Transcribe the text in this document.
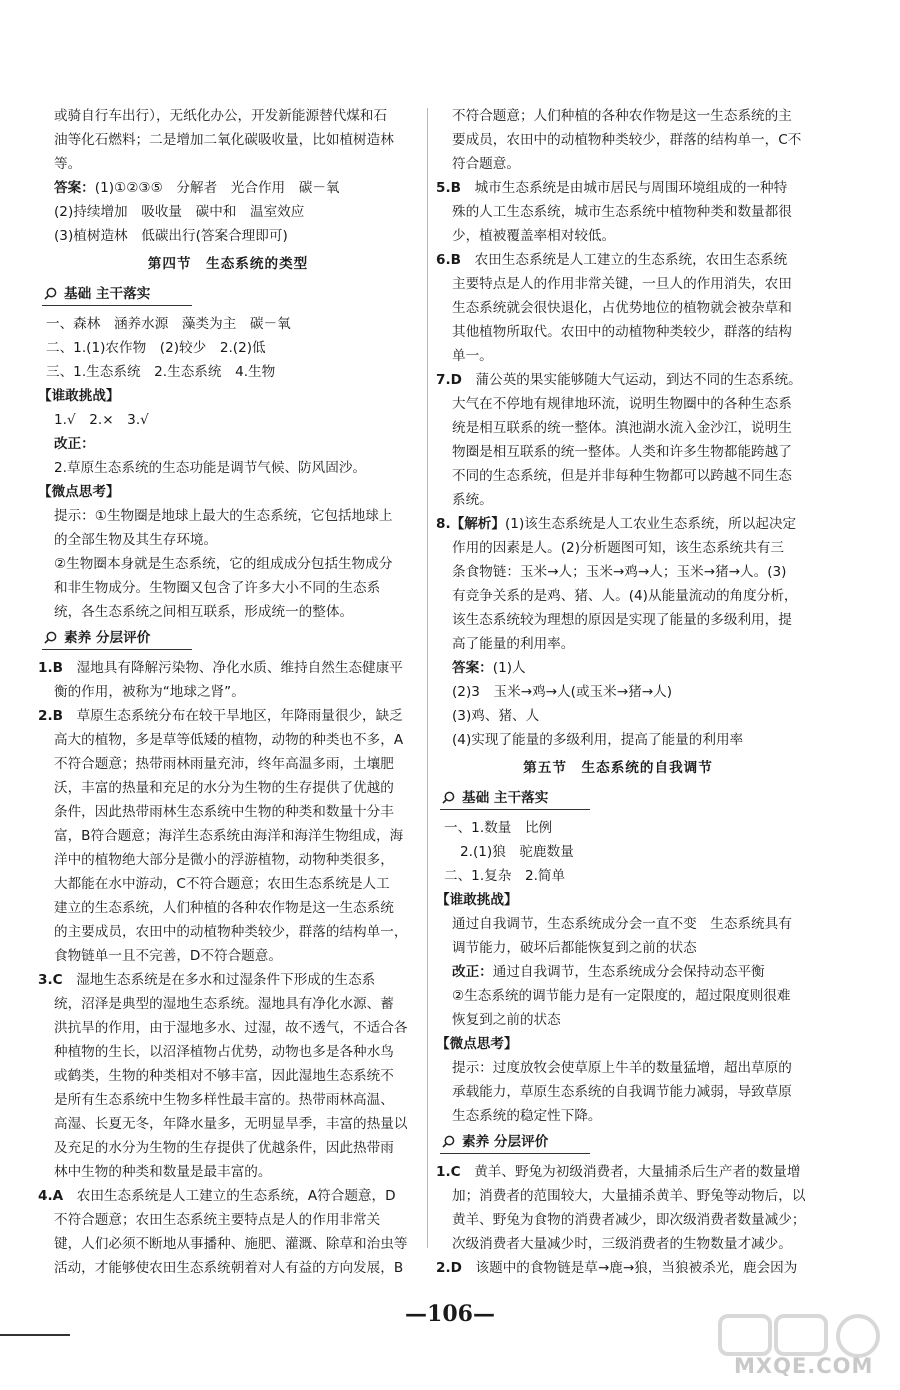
或骑自行车出行），无纸化办公，开发新能源替代煤和石
油等化石燃料；二是增加二氧化碳吸收量，比如植树造林
等。
答案：(1)①②③⑤　分解者　光合作用　碳－氧
(2)持续增加　吸收量　碳中和　温室效应
(3)植树造林　低碳出行(答案合理即可)
第四节　生态系统的类型
基础 主干落实
一、森林　涵养水源　藻类为主　碳－氧
二、1.(1)农作物　(2)较少　2.(2)低
三、1.生态系统　2.生态系统　4.生物
【谁敢挑战】
1.√　2.×　3.√
改正：
2.草原生态系统的生态功能是调节气候、防风固沙。
【微点思考】
提示：①生物圈是地球上最大的生态系统，它包括地球上
的全部生物及其生存环境。
②生物圈本身就是生态系统，它的组成成分包括生物成分
和非生物成分。生物圈又包含了许多大小不同的生态系
统，各生态系统之间相互联系，形成统一的整体。
素养 分层评价
1.B　 湿地具有降解污染物、净化水质、维持自然生态健康平
衡的作用，被称为“地球之肾”。
2.B　 草原生态系统分布在较干旱地区，年降雨量很少，缺乏
高大的植物，多是草等低矮的植物，动物的种类也不多，A
不符合题意；热带雨林雨量充沛，终年高温多雨，土壤肥
沃，丰富的热量和充足的水分为生物的生存提供了优越的
条件，因此热带雨林生态系统中生物的种类和数量十分丰
富，B符合题意；海洋生态系统由海洋和海洋生物组成，海
洋中的植物绝大部分是微小的浮游植物，动物种类很多，
大都能在水中游动，C不符合题意；农田生态系统是人工
建立的生态系统，人们种植的各种农作物是这一生态系统
的主要成员，农田中的动植物种类较少，群落的结构单一，
食物链单一且不完善，D不符合题意。
3.C　 湿地生态系统是在多水和过湿条件下形成的生态系
统，沼泽是典型的湿地生态系统。湿地具有净化水源、蓄
洪抗旱的作用，由于湿地多水、过湿，故不透气，不适合各
种植物的生长，以沼泽植物占优势，动物也多是各种水鸟
或鹤类，生物的种类相对不够丰富，因此湿地生态系统不
是所有生态系统中生物多样性最丰富的。热带雨林高温、
高湿、长夏无冬，年降水量多，无明显旱季，丰富的热量以
及充足的水分为生物的生存提供了优越条件，因此热带雨
林中生物的种类和数量是最丰富的。
4.A　 农田生态系统是人工建立的生态系统，A符合题意，D
不符合题意；农田生态系统主要特点是人的作用非常关
键，人们必须不断地从事播种、施肥、灌溉、除草和治虫等
活动，才能够使农田生态系统朝着对人有益的方向发展，B
不符合题意；人们种植的各种农作物是这一生态系统的主
要成员，农田中的动植物种类较少，群落的结构单一，C不
符合题意。
5.B　 城市生态系统是由城市居民与周围环境组成的一种特
殊的人工生态系统，城市生态系统中植物种类和数量都很
少，植被覆盖率相对较低。
6.B　 农田生态系统是人工建立的生态系统，农田生态系统
主要特点是人的作用非常关键，一旦人的作用消失，农田
生态系统就会很快退化，占优势地位的植物就会被杂草和
其他植物所取代。农田中的动植物种类较少，群落的结构
单一。
7.D　 蒲公英的果实能够随大气运动，到达不同的生态系统。
大气在不停地有规律地环流，说明生物圈中的各种生态系
统是相互联系的统一整体。滇池湖水流入金沙江，说明生
物圈是相互联系的统一整体。人类和许多生物都能跨越了
不同的生态系统，但是并非每种生物都可以跨越不同生态
系统。
8.【解析】(1)该生态系统是人工农业生态系统，所以起决定
作用的因素是人。(2)分析题图可知，该生态系统共有三
条食物链：玉米→人；玉米→鸡→人；玉米→猪→人。(3)
有竞争关系的是鸡、猪、人。(4)从能量流动的角度分析，
该生态系统较为理想的原因是实现了能量的多级利用，提
高了能量的利用率。
答案：(1)人
(2)3　玉米→鸡→人(或玉米→猪→人)
(3)鸡、猪、人
(4)实现了能量的多级利用，提高了能量的利用率
第五节　生态系统的自我调节
基础 主干落实
一、1.数量　比例
2.(1)狼　驼鹿数量
二、1.复杂　2.简单
【谁敢挑战】
通过自我调节，生态系统成分会一直不变　生态系统具有
调节能力，破坏后都能恢复到之前的状态
改正：通过自我调节，生态系统成分会保持动态平衡
②生态系统的调节能力是有一定限度的，超过限度则很难
恢复到之前的状态
【微点思考】
提示：过度放牧会使草原上牛羊的数量猛增，超出草原的
承载能力，草原生态系统的自我调节能力减弱，导致草原
生态系统的稳定性下降。
素养 分层评价
1.C　 黄羊、野兔为初级消费者，大量捕杀后生产者的数量增
加；消费者的范围较大，大量捕杀黄羊、野兔等动物后，以
黄羊、野兔为食物的消费者减少，即次级消费者数量减少；
次级消费者大量减少时，三级消费者的生物数量才减少。
2.D　 该题中的食物链是草→鹿→狼，当狼被杀光，鹿会因为
—106—
MXQE.COM
